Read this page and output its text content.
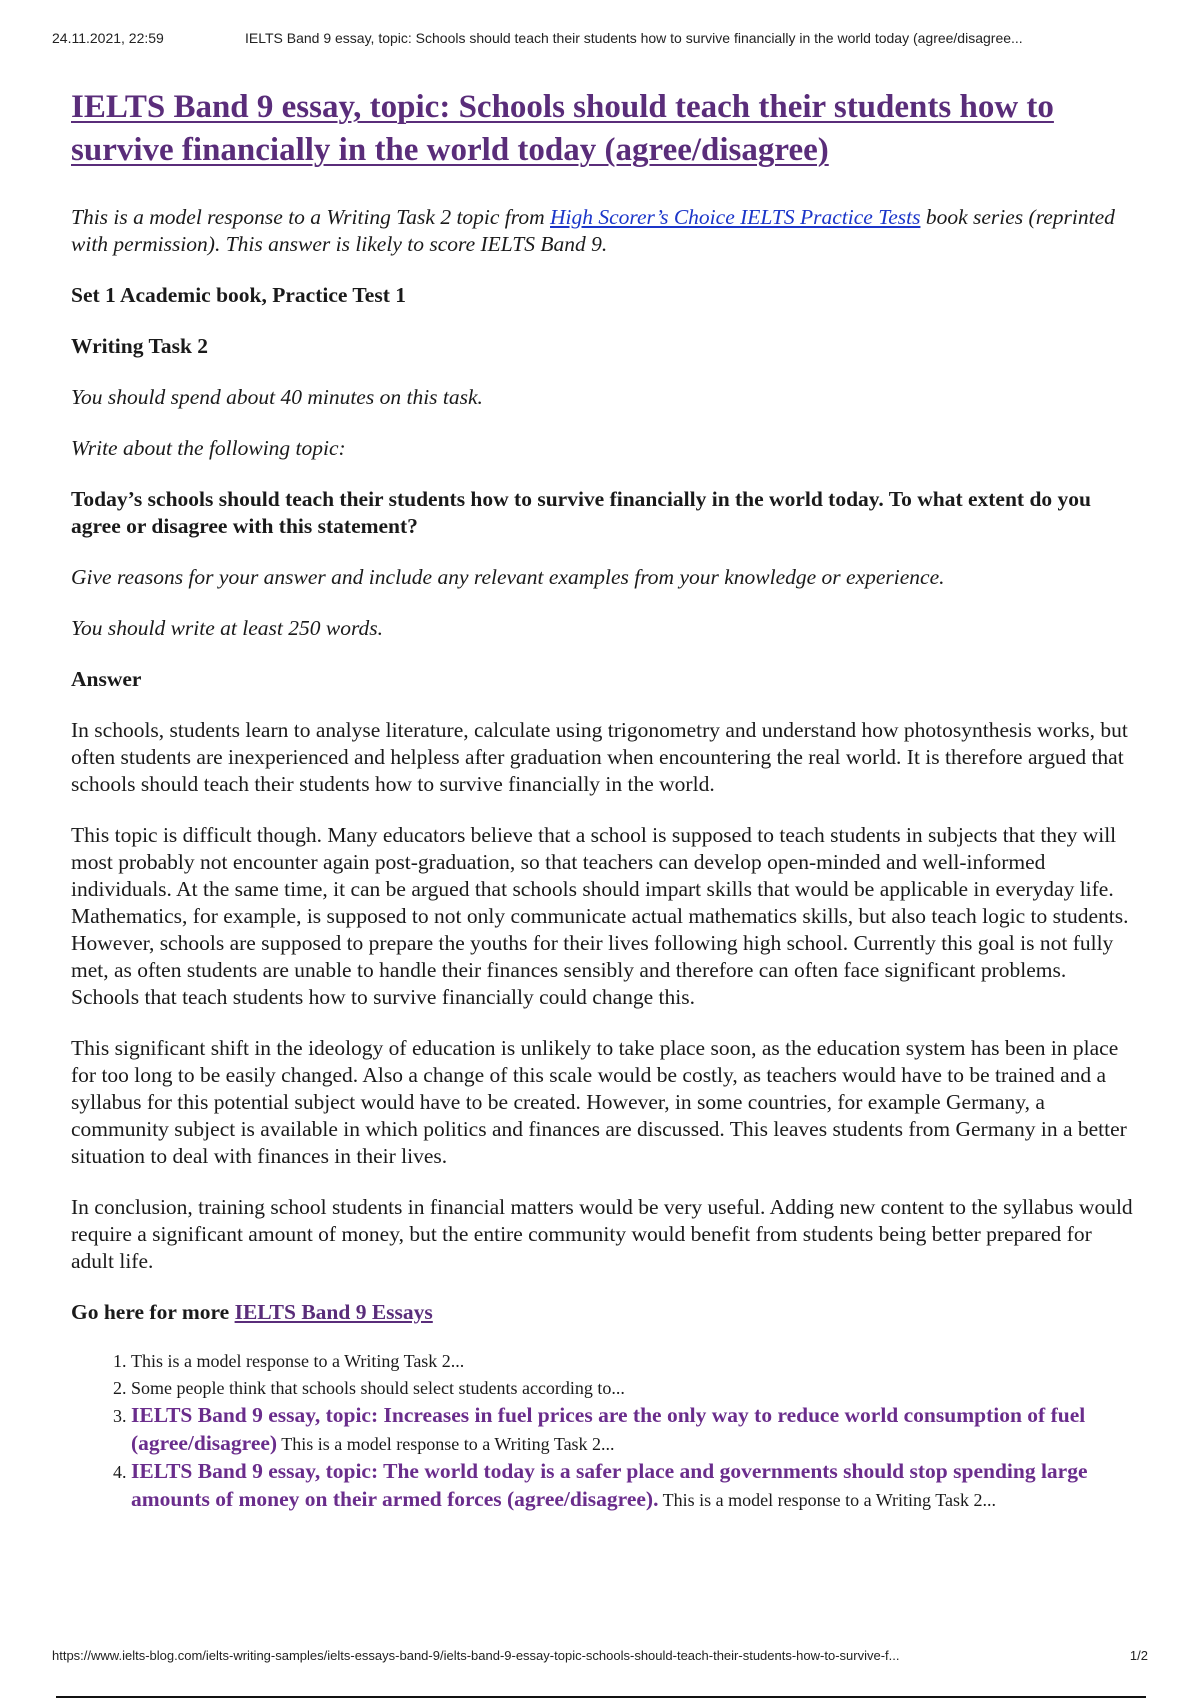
24.11.2021, 22:59	IELTS Band 9 essay, topic: Schools should teach their students how to survive financially in the world today (agree/disagree...
IELTS Band 9 essay, topic: Schools should teach their students how to survive financially in the world today (agree/disagree)

This is a model response to a Writing Task 2 topic from High Scorer’s Choice IELTS Practice Tests book series (reprinted with permission). This answer is likely to score IELTS Band 9.

Set 1 Academic book, Practice Test 1

Writing Task 2

You should spend about 40 minutes on this task.

Write about the following topic:

Today’s schools should teach their students how to survive financially in the world today. To what extent do you agree or disagree with this statement?

Give reasons for your answer and include any relevant examples from your knowledge or experience.

You should write at least 250 words.

Answer

In schools, students learn to analyse literature, calculate using trigonometry and understand how photosynthesis works, but often students are inexperienced and helpless after graduation when encountering the real world. It is therefore argued that schools should teach their students how to survive financially in the world.

This topic is difficult though. Many educators believe that a school is supposed to teach students in subjects that they will most probably not encounter again post-graduation, so that teachers can develop open-minded and well-informed individuals. At the same time, it can be argued that schools should impart skills that would be applicable in everyday life. Mathematics, for example, is supposed to not only communicate actual mathematics skills, but also teach logic to students. However, schools are supposed to prepare the youths for their lives following high school. Currently this goal is not fully met, as often students are unable to handle their finances sensibly and therefore can often face significant problems. Schools that teach students how to survive financially could change this.

This significant shift in the ideology of education is unlikely to take place soon, as the education system has been in place for too long to be easily changed. Also a change of this scale would be costly, as teachers would have to be trained and a syllabus for this potential subject would have to be created. However, in some countries, for example Germany, a community subject is available in which politics and finances are discussed. This leaves students from Germany in a better situation to deal with finances in their lives.

In conclusion, training school students in financial matters would be very useful. Adding new content to the syllabus would require a significant amount of money, but the entire community would benefit from students being better prepared for adult life.

Go here for more IELTS Band 9 Essays

1. This is a model response to a Writing Task 2...
2. Some people think that schools should select students according to...
3. IELTS Band 9 essay, topic: Increases in fuel prices are the only way to reduce world consumption of fuel (agree/disagree) This is a model response to a Writing Task 2...
4. IELTS Band 9 essay, topic: The world today is a safer place and governments should stop spending large amounts of money on their armed forces (agree/disagree). This is a model response to a Writing Task 2...
https://www.ielts-blog.com/ielts-writing-samples/ielts-essays-band-9/ielts-band-9-essay-topic-schools-should-teach-their-students-how-to-survive-f...	1/2
